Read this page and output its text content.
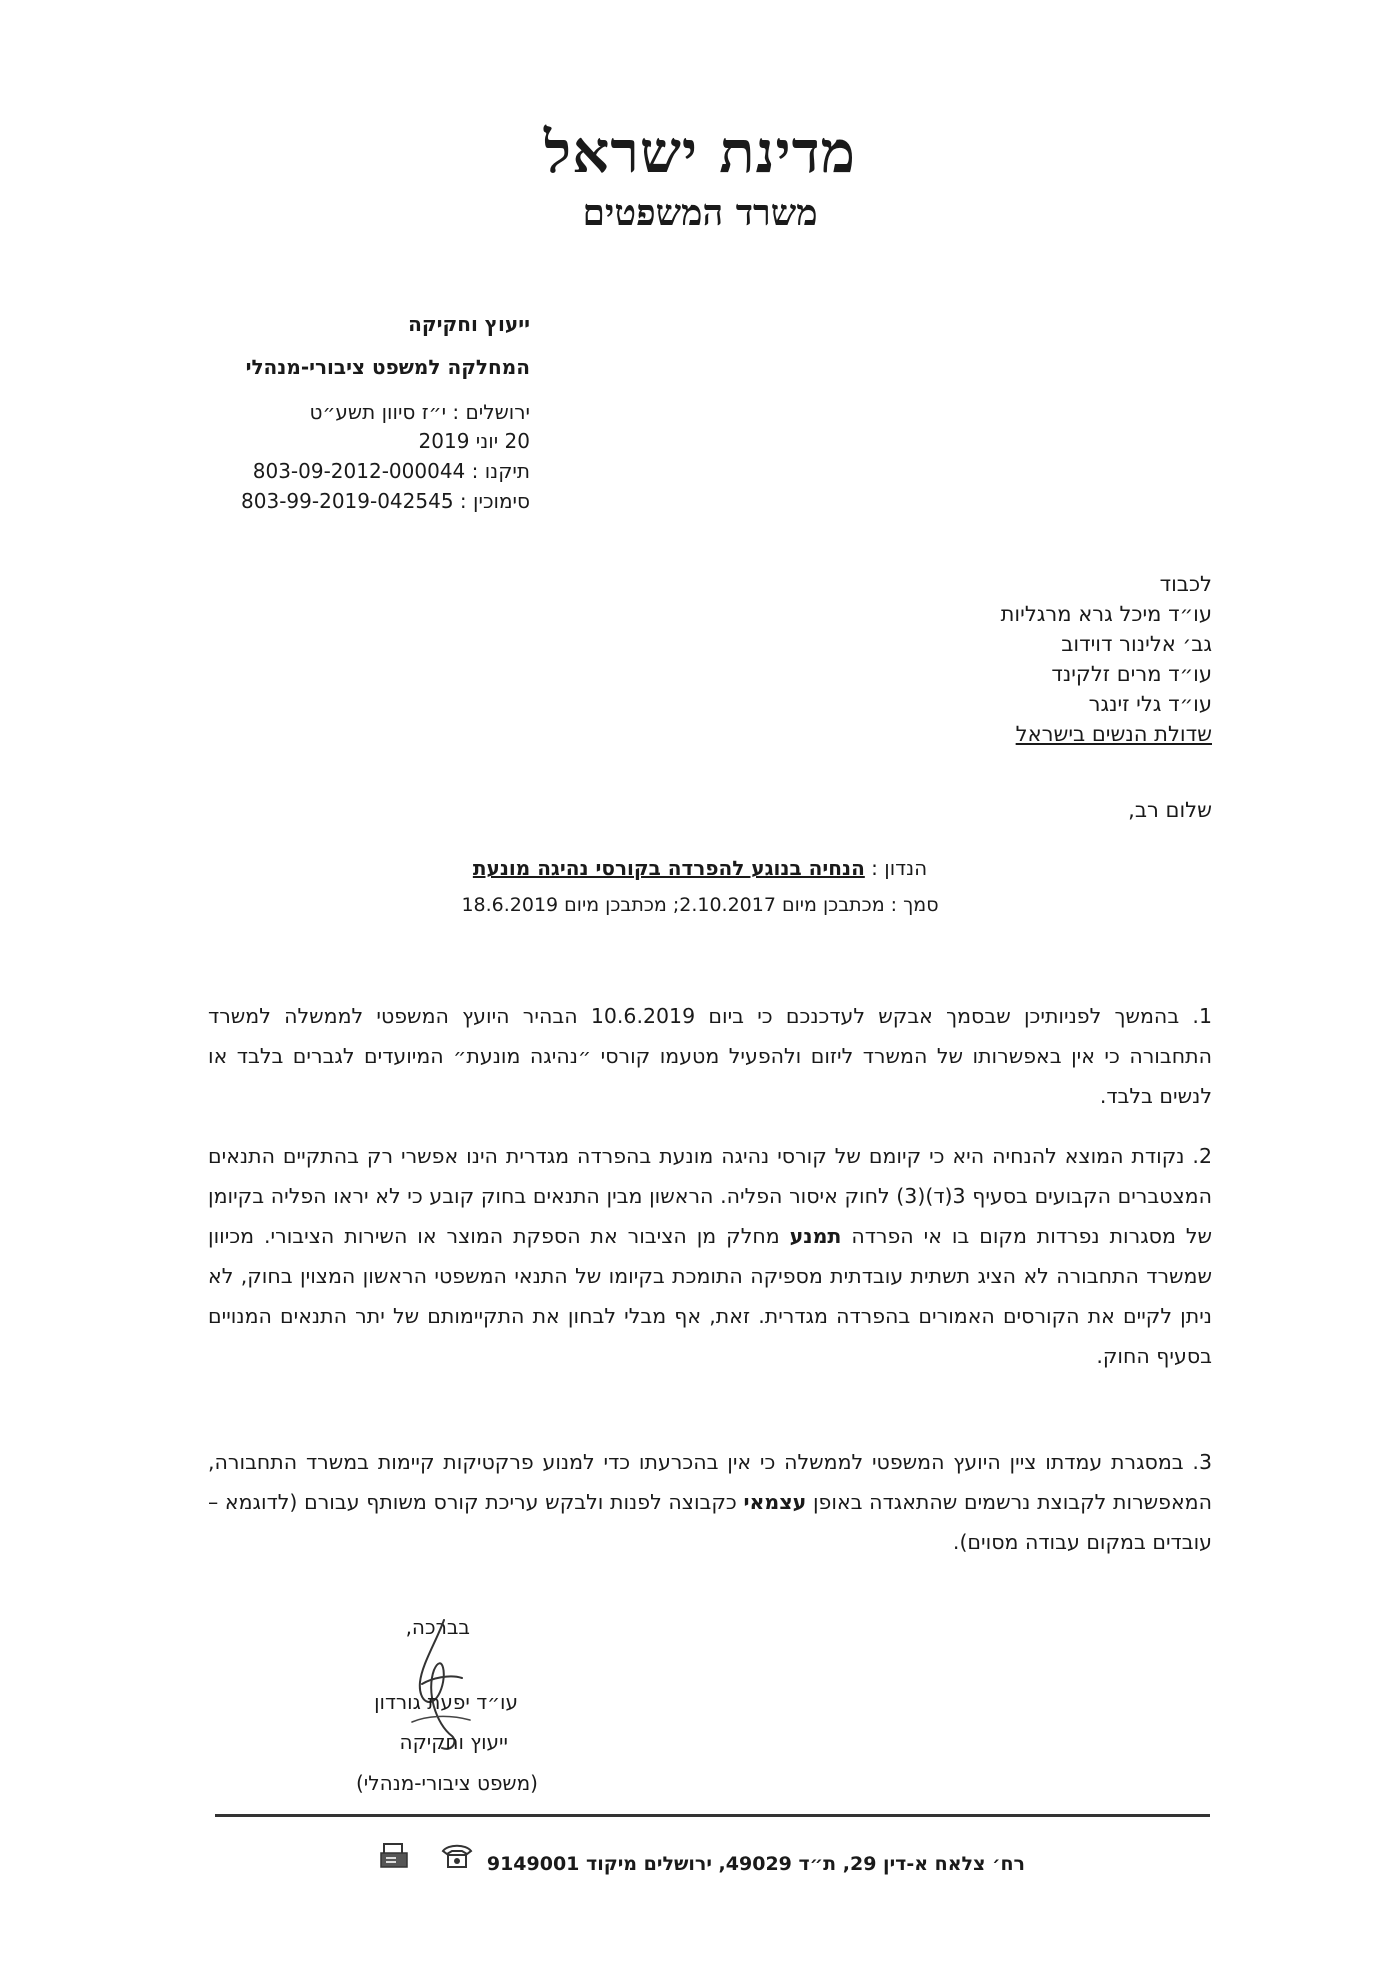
מדינת ישראל
משרד המשפטים
ייעוץ וחקיקה
המחלקה למשפט ציבורי-מנהלי
ירושלים : י״ז סיוון תשע״ט
20 יוני 2019
תיקנו : 803-09-2012-000044
סימוכין : 803-99-2019-042545
לכבוד
עו״ד מיכל גרא מרגליות
גב׳ אלינור דוידוב
עו״ד מרים זלקינד
עו״ד גלי זינגר
שדולת הנשים בישראל
שלום רב,
הנדון : הנחיה בנוגע להפרדה בקורסי נהיגה מונעת
סמך : מכתבכן מיום 2.10.2017; מכתבכן מיום 18.6.2019
1. בהמשך לפניותיכן שבסמך אבקש לעדכנכם כי ביום 10.6.2019 הבהיר היועץ המשפטי לממשלה למשרד התחבורה כי אין באפשרותו של המשרד ליזום ולהפעיל מטעמו קורסי ״נהיגה מונעת״ המיועדים לגברים בלבד או לנשים בלבד.
2. נקודת המוצא להנחיה היא כי קיומם של קורסי נהיגה מונעת בהפרדה מגדרית הינו אפשרי רק בהתקיים התנאים המצטברים הקבועים בסעיף 3(ד)(3) לחוק איסור הפליה. הראשון מבין התנאים בחוק קובע כי לא יראו הפליה בקיומן של מסגרות נפרדות מקום בו אי הפרדה תמנע מחלק מן הציבור את הספקת המוצר או השירות הציבורי. מכיוון שמשרד התחבורה לא הציג תשתית עובדתית מספיקה התומכת בקיומו של התנאי המשפטי הראשון המצוין בחוק, לא ניתן לקיים את הקורסים האמורים בהפרדה מגדרית. זאת, אף מבלי לבחון את התקיימותם של יתר התנאים המנויים בסעיף החוק.
3. במסגרת עמדתו ציין היועץ המשפטי לממשלה כי אין בהכרעתו כדי למנוע פרקטיקות קיימות במשרד התחבורה, המאפשרות לקבוצת נרשמים שהתאגדה באופן עצמאי כקבוצה לפנות ולבקש עריכת קורס משותף עבורם (לדוגמא – עובדים במקום עבודה מסוים).
בברכה,
עו״ד יפעת גורדון
ייעוץ וחקיקה
(משפט ציבורי-מנהלי)
רח׳ צלאח א-דין 29, ת״ד 49029, ירושלים מיקוד 9149001
